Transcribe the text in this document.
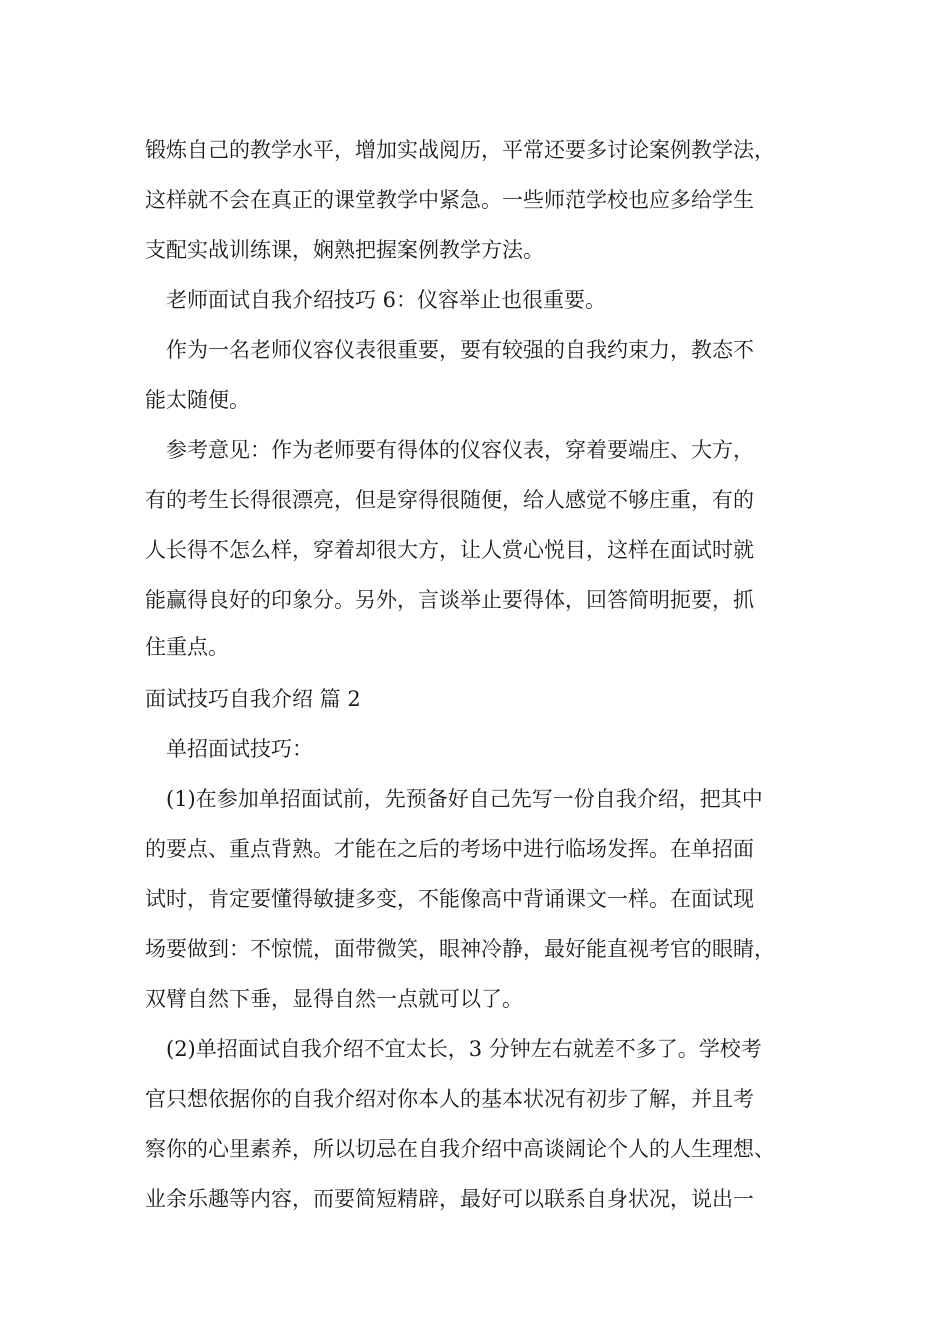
锻炼自己的教学水平，增加实战阅历，平常还要多讨论案例教学法，
这样就不会在真正的课堂教学中紧急。一些师范学校也应多给学生
支配实战训练课，娴熟把握案例教学方法。
老师面试自我介绍技巧 6：仪容举止也很重要。
作为一名老师仪容仪表很重要，要有较强的自我约束力，教态不
能太随便。
参考意见：作为老师要有得体的仪容仪表，穿着要端庄、大方，
有的考生长得很漂亮，但是穿得很随便，给人感觉不够庄重，有的
人长得不怎么样，穿着却很大方，让人赏心悦目，这样在面试时就
能赢得良好的印象分。另外，言谈举止要得体，回答简明扼要，抓
住重点。
面试技巧自我介绍 篇 2
单招面试技巧：
(1)在参加单招面试前，先预备好自己先写一份自我介绍，把其中
的要点、重点背熟。才能在之后的考场中进行临场发挥。在单招面
试时，肯定要懂得敏捷多变，不能像高中背诵课文一样。在面试现
场要做到：不惊慌，面带微笑，眼神冷静，最好能直视考官的眼睛，
双臂自然下垂，显得自然一点就可以了。
(2)单招面试自我介绍不宜太长，3 分钟左右就差不多了。学校考
官只想依据你的自我介绍对你本人的基本状况有初步了解，并且考
察你的心里素养，所以切忌在自我介绍中高谈阔论个人的人生理想、
业余乐趣等内容，而要简短精辟，最好可以联系自身状况，说出一
